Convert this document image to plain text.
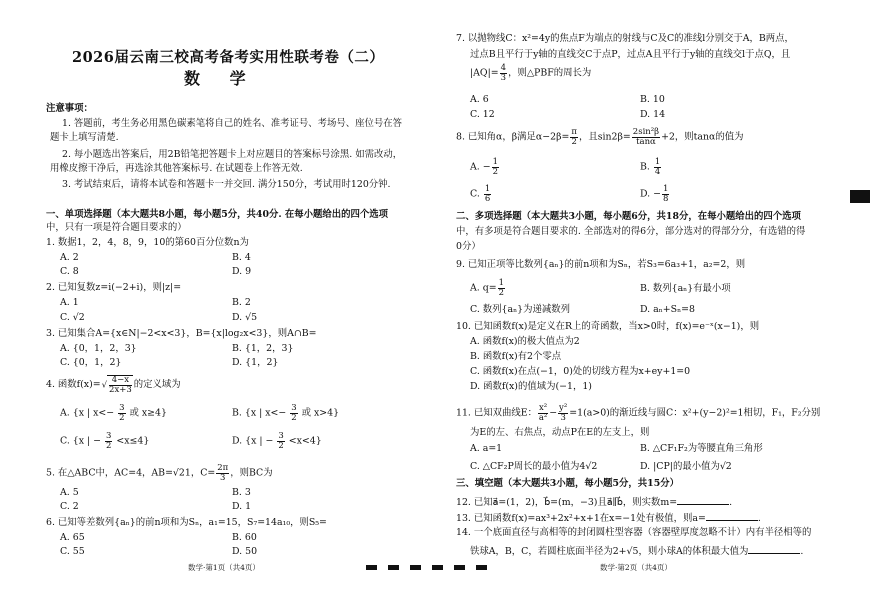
2026届云南三校高考备考实用性联考卷（二）
数 学
注意事项：
1. 答题前，考生务必用黑色碳素笔将自己的姓名、准考证号、考场号、座位号在答
题卡上填写清楚.
2. 每小题选出答案后，用2B铅笔把答题卡上对应题目的答案标号涂黑. 如需改动，
用橡皮擦干净后，再选涂其他答案标号. 在试题卷上作答无效.
3. 考试结束后，请将本试卷和答题卡一并交回. 满分150分，考试用时120分钟.
一、单项选择题（本大题共8小题，每小题5分，共40分. 在每小题给出的四个选项
中，只有一项是符合题目要求的）
1. 数据1，2，4，8，9，10的第60百分位数n为
A. 2	B. 4
C. 8	D. 9
2. 已知复数z=i(−2+i)，则|z|=
A. 1	B. 2
C. √2	D. √5
3. 已知集合A={x∈N|−2<x<3}，B={x|log₂x<3}，则A∩B=
A. {0，1，2，3}	B. {1，2，3}
C. {0，1，2}	D. {1，2}
4. 函数$f(x)=√ \frac{4-x}{2x+3}$ 的定义域为
A. {x | $x<- \frac{3}{2}$ 或 x≥4}	B. {x | $x<- \frac{3}{2}$ 或 x>4}
C. {x | − $\frac{3}{2} <x\le 4$}	D. {x | − $\frac{3}{2} <x<4$}
5. 在△ABC中，AC=4，AB=√21，$C= \frac{2\pi}{3}$ ，则BC为
A. 5	B. 3
C. 2	D. 1
6. 已知等差数列{aₙ}的前n项和为Sₙ，a₁=15，S₇=14a₁₀，则S₅=
A. 65	B. 60
C. 55	D. 50
数学·第1页（共4页）
7. 以抛物线C：x²=4y的焦点F为端点的射线与C及C的准线l分别交于A，B两点，
过点B且平行于y轴的直线交C于点P，过点A且平行于y轴的直线交l于点Q，且
$|AQ|= \frac{4}{3}$ ，则△PBF的周长为
A. 6	B. 10
C. 12	D. 14
8. 已知角α，β满足$\alpha-2\beta= \frac{\pi}{2}$ ，且$\sin 2\beta= \frac{\text{2sin²β}}{\tan\alpha} +2$，则tanα的值为
A. − $\frac{1}{2}$	B. $\frac{1}{4}$
C. $\frac{1}{6}$	D. − $\frac{1}{8}$
二、多项选择题（本大题共3小题，每小题6分，共18分，在每小题给出的四个选项
中，有多项是符合题目要求的. 全部选对的得6分，部分选对的得部分分，有选错的得
0分）
9. 已知正项等比数列{aₙ}的前n项和为Sₙ，若S₃=6a₃+1，a₂=2，则
A. $q= \frac{1}{2}$	B. 数列{aₙ}有最小项
C. 数列{aₙ}为递减数列	D. aₙ+Sₙ=8
10. 已知函数f(x)是定义在R上的奇函数，当x>0时，f(x)=e⁻ˣ(x−1)，则
A. 函数f(x)的极大值点为2
B. 函数f(x)有2个零点
C. 函数f(x)在点(−1，0)处的切线方程为x+ey+1=0
D. 函数f(x)的值域为(−1，1)
11. 已知双曲线E： $\frac{\text{x²}}{\text{a²}} - \frac{\text{y²}}{3} =1(a>0)$的渐近线与圆C：x²+(y−2)²=1相切，F₁，F₂分别
为E的左、右焦点，动点P在E的左支上，则
A. a=1	B. △CF₁F₂为等腰直角三角形
C. △CF₂P周长的最小值为4√2	D. |CP|的最小值为√2
三、填空题（本大题共3小题，每小题5分，共15分）
12. 已知a⃗=(1，2)，b⃗=(m，−3)且a⃗∥b⃗，则实数m=	.
13. 已知函数f(x)=ax³+2x²+x+1在x=−1处有极值，则a=	.
14. 一个底面直径与高相等的封闭圆柱型容器（容器壁厚度忽略不计）内有半径相等的
铁球A，B，C，若圆柱底面半径为2+√5，则小球A的体积最大值为	.
数学·第2页（共4页）
